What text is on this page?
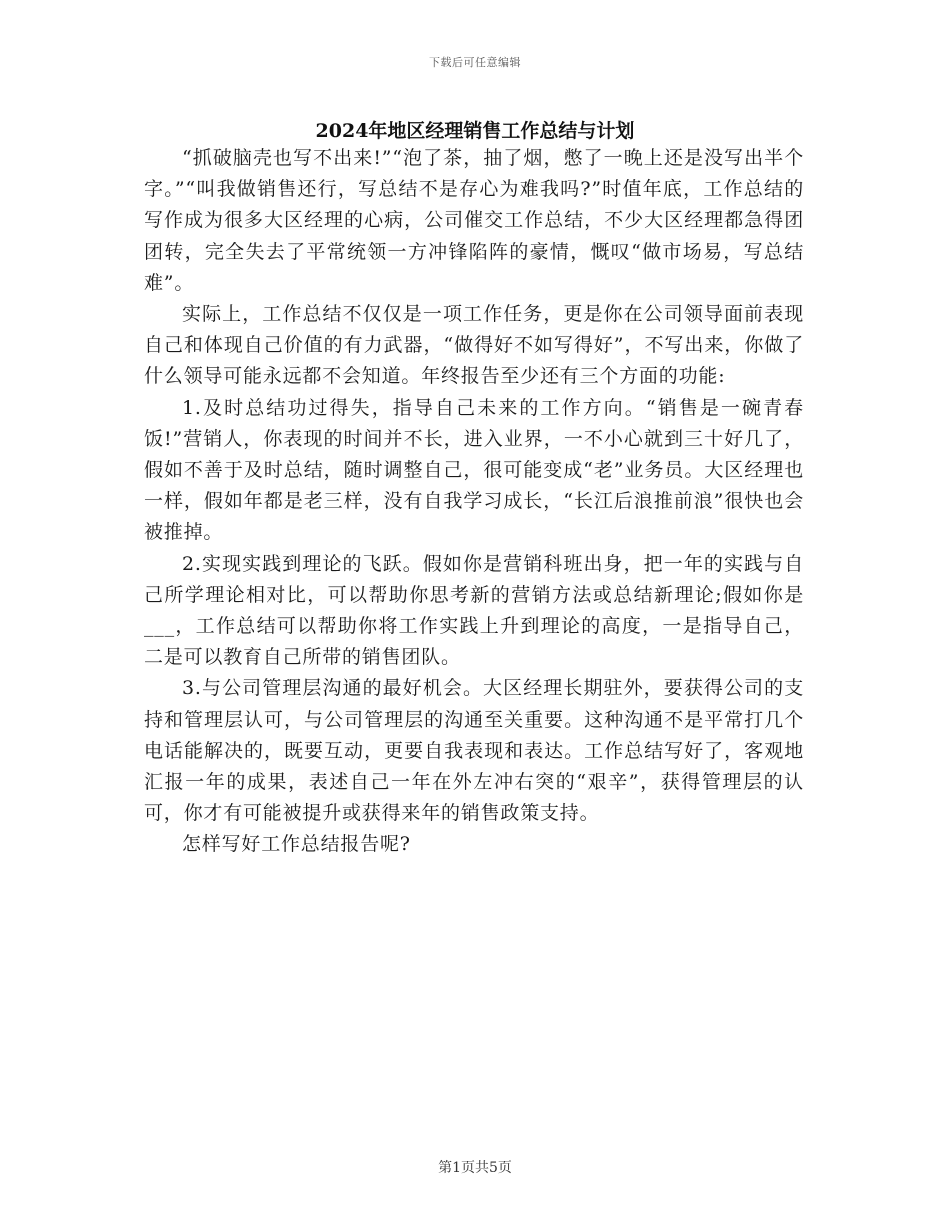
下载后可任意编辑
2024年地区经理销售工作总结与计划

“抓破脑壳也写不出来!”“泡了茶，抽了烟，憋了一晚上还是没写出半个字。”“叫我做销售还行，写总结不是存心为难我吗?”时值年底，工作总结的写作成为很多大区经理的心病，公司催交工作总结，不少大区经理都急得团团转，完全失去了平常统领一方冲锋陷阵的豪情，慨叹“做市场易，写总结难”。

实际上，工作总结不仅仅是一项工作任务，更是你在公司领导面前表现自己和体现自己价值的有力武器，“做得好不如写得好”，不写出来，你做了什么领导可能永远都不会知道。年终报告至少还有三个方面的功能:

1.及时总结功过得失，指导自己未来的工作方向。“销售是一碗青春饭!”营销人，你表现的时间并不长，进入业界，一不小心就到三十好几了，假如不善于及时总结，随时调整自己，很可能变成“老”业务员。大区经理也一样，假如年都是老三样，没有自我学习成长，“长江后浪推前浪”很快也会被推掉。

2.实现实践到理论的飞跃。假如你是营销科班出身，把一年的实践与自己所学理论相对比，可以帮助你思考新的营销方法或总结新理论;假如你是___，工作总结可以帮助你将工作实践上升到理论的高度，一是指导自己，二是可以教育自己所带的销售团队。

3.与公司管理层沟通的最好机会。大区经理长期驻外，要获得公司的支持和管理层认可，与公司管理层的沟通至关重要。这种沟通不是平常打几个电话能解决的，既要互动，更要自我表现和表达。工作总结写好了，客观地汇报一年的成果，表述自己一年在外左冲右突的“艰辛”，获得管理层的认可，你才有可能被提升或获得来年的销售政策支持。

怎样写好工作总结报告呢?

第1页共5页
